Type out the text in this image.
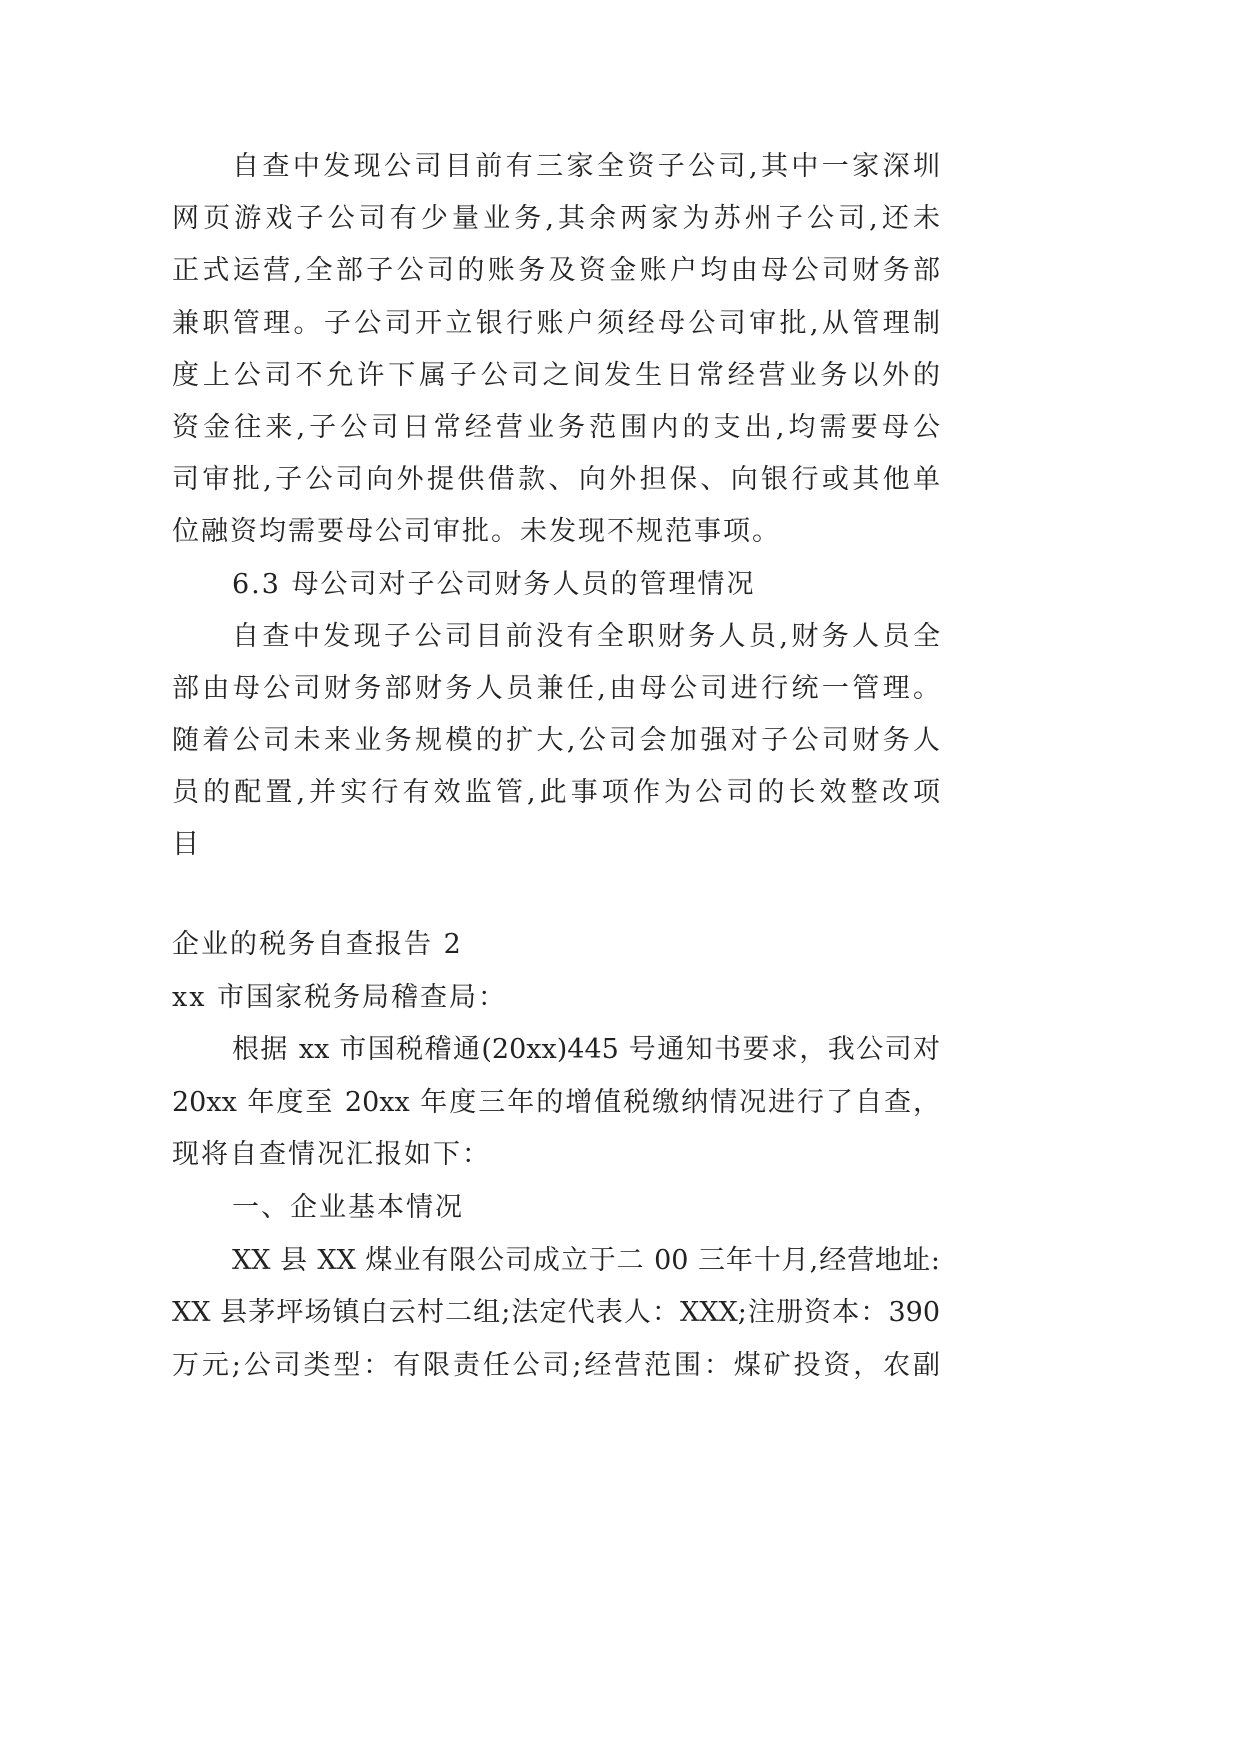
自查中发现公司目前有三家全资子公司,其中一家深圳
网页游戏子公司有少量业务,其余两家为苏州子公司,还未
正式运营,全部子公司的账务及资金账户均由母公司财务部
兼职管理。子公司开立银行账户须经母公司审批,从管理制
度上公司不允许下属子公司之间发生日常经营业务以外的
资金往来,子公司日常经营业务范围内的支出,均需要母公
司审批,子公司向外提供借款、向外担保、向银行或其他单
位融资均需要母公司审批。未发现不规范事项。
6.3 母公司对子公司财务人员的管理情况
自查中发现子公司目前没有全职财务人员,财务人员全
部由母公司财务部财务人员兼任,由母公司进行统一管理。
随着公司未来业务规模的扩大,公司会加强对子公司财务人
员的配置,并实行有效监管,此事项作为公司的长效整改项
目
企业的税务自查报告 2
xx 市国家税务局稽查局：
根据 xx 市国税稽通(20xx)445 号通知书要求，我公司对
20xx 年度至 20xx 年度三年的增值税缴纳情况进行了自查，
现将自查情况汇报如下：
一、企业基本情况
XX 县 XX 煤业有限公司成立于二 00 三年十月,经营地址:
XX 县茅坪场镇白云村二组;法定代表人：XXX;注册资本：390
万元;公司类型：有限责任公司;经营范围：煤矿投资，农副
